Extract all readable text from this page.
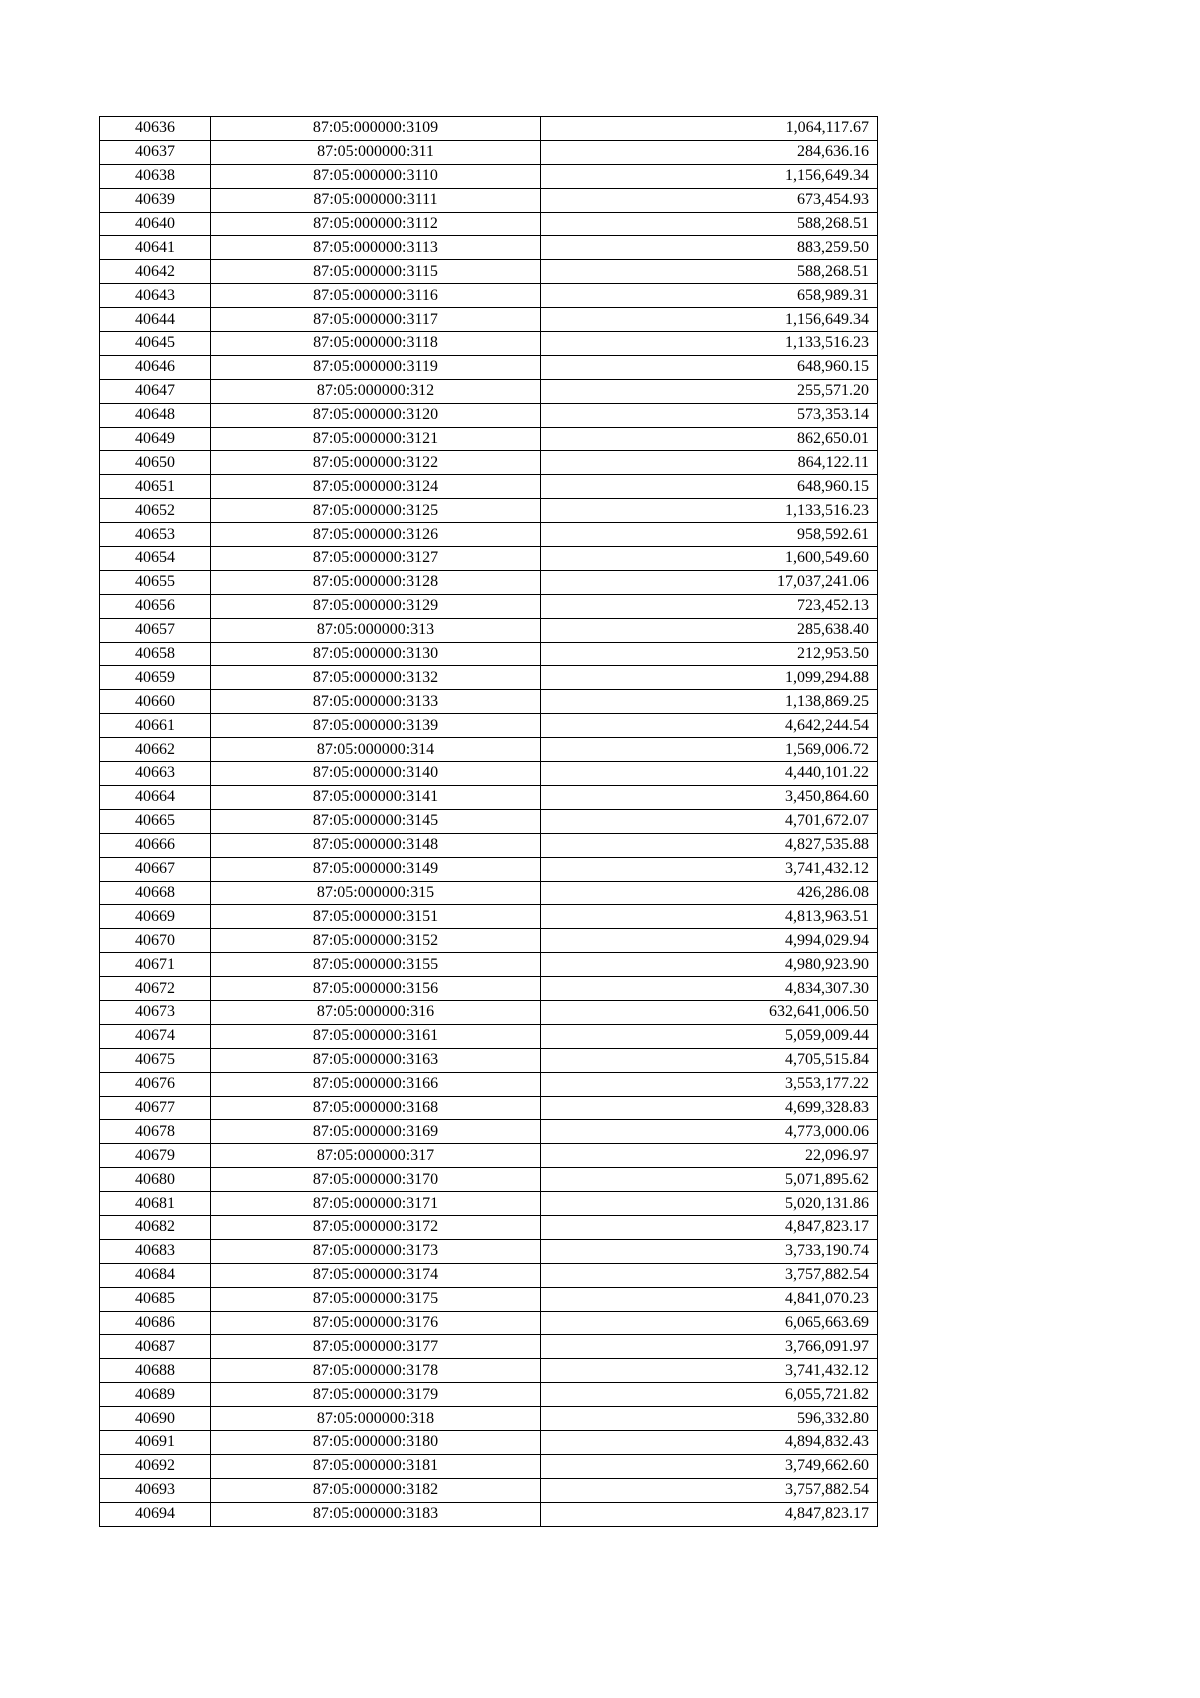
40636	87:05:000000:3109	1,064,117.67
40637	87:05:000000:311	284,636.16
40638	87:05:000000:3110	1,156,649.34
40639	87:05:000000:3111	673,454.93
40640	87:05:000000:3112	588,268.51
40641	87:05:000000:3113	883,259.50
40642	87:05:000000:3115	588,268.51
40643	87:05:000000:3116	658,989.31
40644	87:05:000000:3117	1,156,649.34
40645	87:05:000000:3118	1,133,516.23
40646	87:05:000000:3119	648,960.15
40647	87:05:000000:312	255,571.20
40648	87:05:000000:3120	573,353.14
40649	87:05:000000:3121	862,650.01
40650	87:05:000000:3122	864,122.11
40651	87:05:000000:3124	648,960.15
40652	87:05:000000:3125	1,133,516.23
40653	87:05:000000:3126	958,592.61
40654	87:05:000000:3127	1,600,549.60
40655	87:05:000000:3128	17,037,241.06
40656	87:05:000000:3129	723,452.13
40657	87:05:000000:313	285,638.40
40658	87:05:000000:3130	212,953.50
40659	87:05:000000:3132	1,099,294.88
40660	87:05:000000:3133	1,138,869.25
40661	87:05:000000:3139	4,642,244.54
40662	87:05:000000:314	1,569,006.72
40663	87:05:000000:3140	4,440,101.22
40664	87:05:000000:3141	3,450,864.60
40665	87:05:000000:3145	4,701,672.07
40666	87:05:000000:3148	4,827,535.88
40667	87:05:000000:3149	3,741,432.12
40668	87:05:000000:315	426,286.08
40669	87:05:000000:3151	4,813,963.51
40670	87:05:000000:3152	4,994,029.94
40671	87:05:000000:3155	4,980,923.90
40672	87:05:000000:3156	4,834,307.30
40673	87:05:000000:316	632,641,006.50
40674	87:05:000000:3161	5,059,009.44
40675	87:05:000000:3163	4,705,515.84
40676	87:05:000000:3166	3,553,177.22
40677	87:05:000000:3168	4,699,328.83
40678	87:05:000000:3169	4,773,000.06
40679	87:05:000000:317	22,096.97
40680	87:05:000000:3170	5,071,895.62
40681	87:05:000000:3171	5,020,131.86
40682	87:05:000000:3172	4,847,823.17
40683	87:05:000000:3173	3,733,190.74
40684	87:05:000000:3174	3,757,882.54
40685	87:05:000000:3175	4,841,070.23
40686	87:05:000000:3176	6,065,663.69
40687	87:05:000000:3177	3,766,091.97
40688	87:05:000000:3178	3,741,432.12
40689	87:05:000000:3179	6,055,721.82
40690	87:05:000000:318	596,332.80
40691	87:05:000000:3180	4,894,832.43
40692	87:05:000000:3181	3,749,662.60
40693	87:05:000000:3182	3,757,882.54
40694	87:05:000000:3183	4,847,823.17
